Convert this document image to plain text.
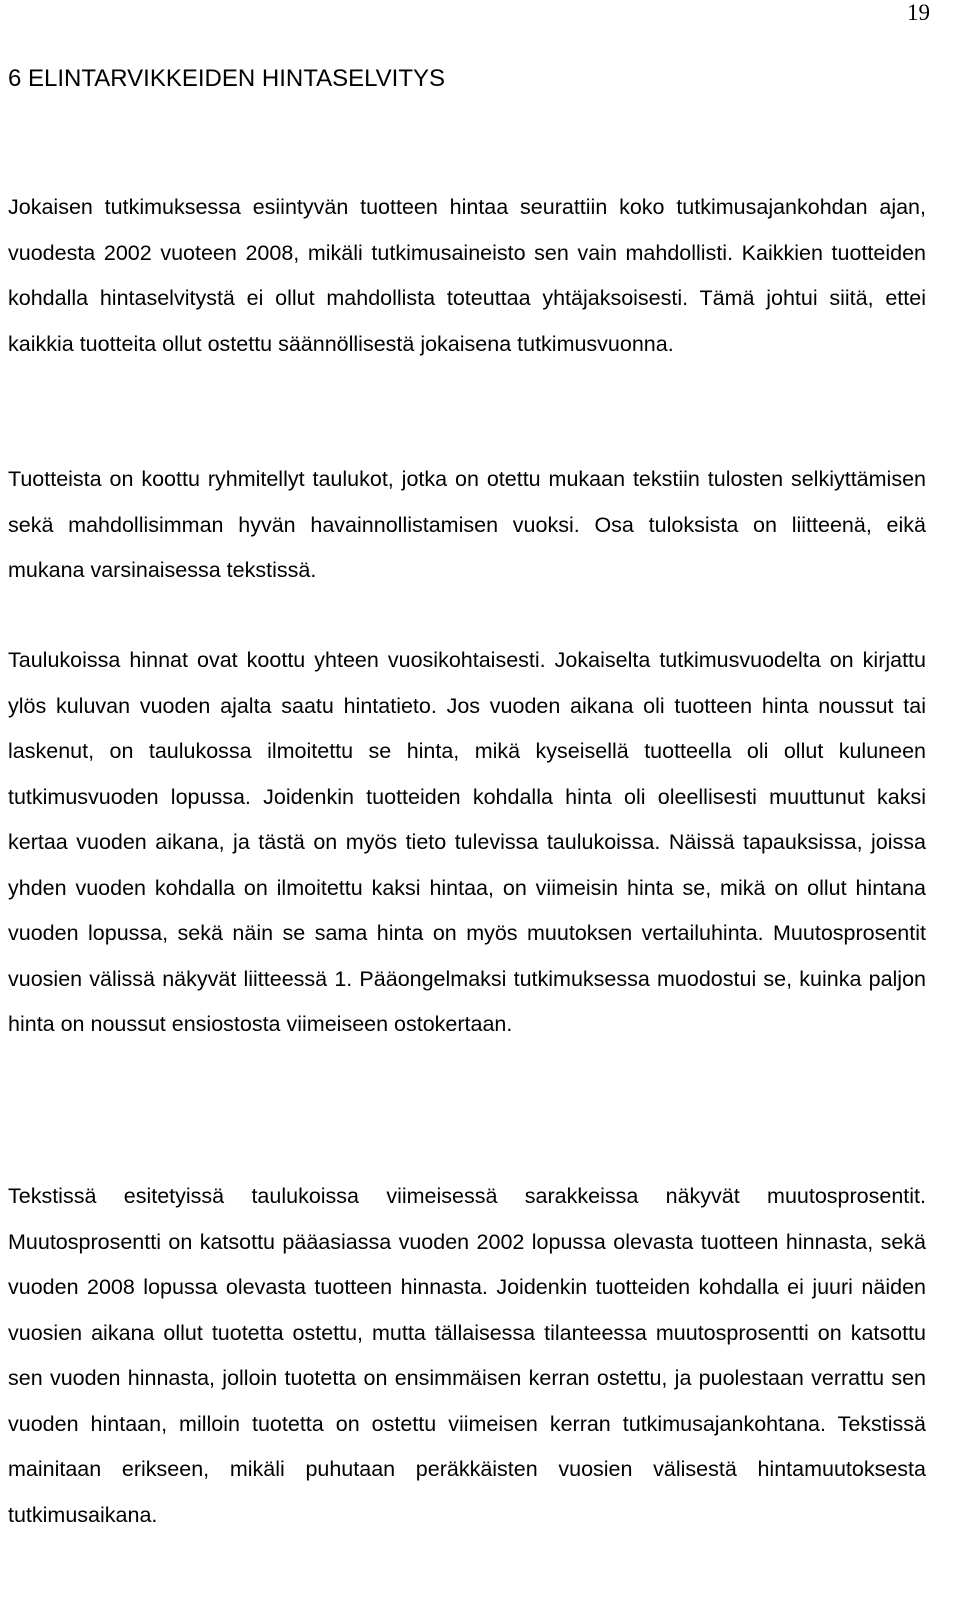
19
6 ELINTARVIKKEIDEN HINTASELVITYS

Jokaisen tutkimuksessa esiintyvän tuotteen hintaa seurattiin koko tutkimusajankohdan ajan, vuodesta 2002 vuoteen 2008, mikäli tutkimusaineisto sen vain mahdollisti. Kaikkien tuotteiden kohdalla hintaselvitystä ei ollut mahdollista toteuttaa yhtäjaksoisesti. Tämä johtui siitä, ettei kaikkia tuotteita ollut ostettu säännöllisestä jokaisena tutkimusvuonna.

Tuotteista on koottu ryhmitellyt taulukot, jotka on otettu mukaan tekstiin tulosten selkiyttämisen sekä mahdollisimman hyvän havainnollistamisen vuoksi. Osa tuloksista on liitteenä, eikä mukana varsinaisessa tekstissä.

Taulukoissa hinnat ovat koottu yhteen vuosikohtaisesti. Jokaiselta tutkimusvuodelta on kirjattu ylös kuluvan vuoden ajalta saatu hintatieto. Jos vuoden aikana oli tuotteen hinta noussut tai laskenut, on taulukossa ilmoitettu se hinta, mikä kyseisellä tuotteella oli ollut kuluneen tutkimusvuoden lopussa. Joidenkin tuotteiden kohdalla hinta oli oleellisesti muuttunut kaksi kertaa vuoden aikana, ja tästä on myös tieto tulevissa taulukoissa. Näissä tapauksissa, joissa yhden vuoden kohdalla on ilmoitettu kaksi hintaa, on viimeisin hinta se, mikä on ollut hintana vuoden lopussa, sekä näin se sama hinta on myös muutoksen vertailuhinta. Muutosprosentit vuosien välissä näkyvät liitteessä 1. Pääongelmaksi tutkimuksessa muodostui se, kuinka paljon hinta on noussut ensiostosta viimeiseen ostokertaan.

Tekstissä esitetyissä taulukoissa viimeisessä sarakkeissa näkyvät muutosprosentit. Muutosprosentti on katsottu pääasiassa vuoden 2002 lopussa olevasta tuotteen hinnasta, sekä vuoden 2008 lopussa olevasta tuotteen hinnasta. Joidenkin tuotteiden kohdalla ei juuri näiden vuosien aikana ollut tuotetta ostettu, mutta tällaisessa tilanteessa muutosprosentti on katsottu sen vuoden hinnasta, jolloin tuotetta on ensimmäisen kerran ostettu, ja puolestaan verrattu sen vuoden hintaan, milloin tuotetta on ostettu viimeisen kerran tutkimusajankohtana. Tekstissä mainitaan erikseen, mikäli puhutaan peräkkäisten vuosien välisestä hintamuutoksesta tutkimusaikana.
